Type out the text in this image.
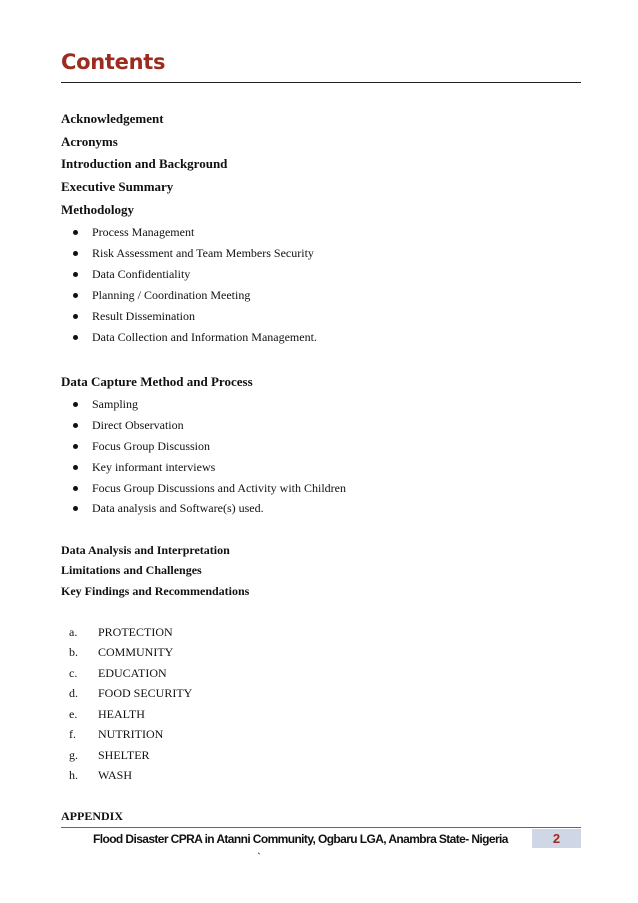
Contents
Acknowledgement
Acronyms
Introduction and Background
Executive Summary
Methodology
Process Management
Risk Assessment and Team Members Security
Data Confidentiality
Planning / Coordination Meeting
Result Dissemination
Data Collection and Information Management.
Data Capture Method and Process
Sampling
Direct Observation
Focus Group Discussion
Key informant interviews
Focus Group Discussions and Activity with Children
Data analysis and Software(s) used.
Data Analysis and Interpretation
Limitations and Challenges
Key Findings and Recommendations
a. PROTECTION
b. COMMUNITY
c. EDUCATION
d. FOOD SECURITY
e. HEALTH
f. NUTRITION
g. SHELTER
h. WASH
APPENDIX
Flood Disaster CPRA in Atanni Community, Ogbaru LGA, Anambra State- Nigeria	2
`
